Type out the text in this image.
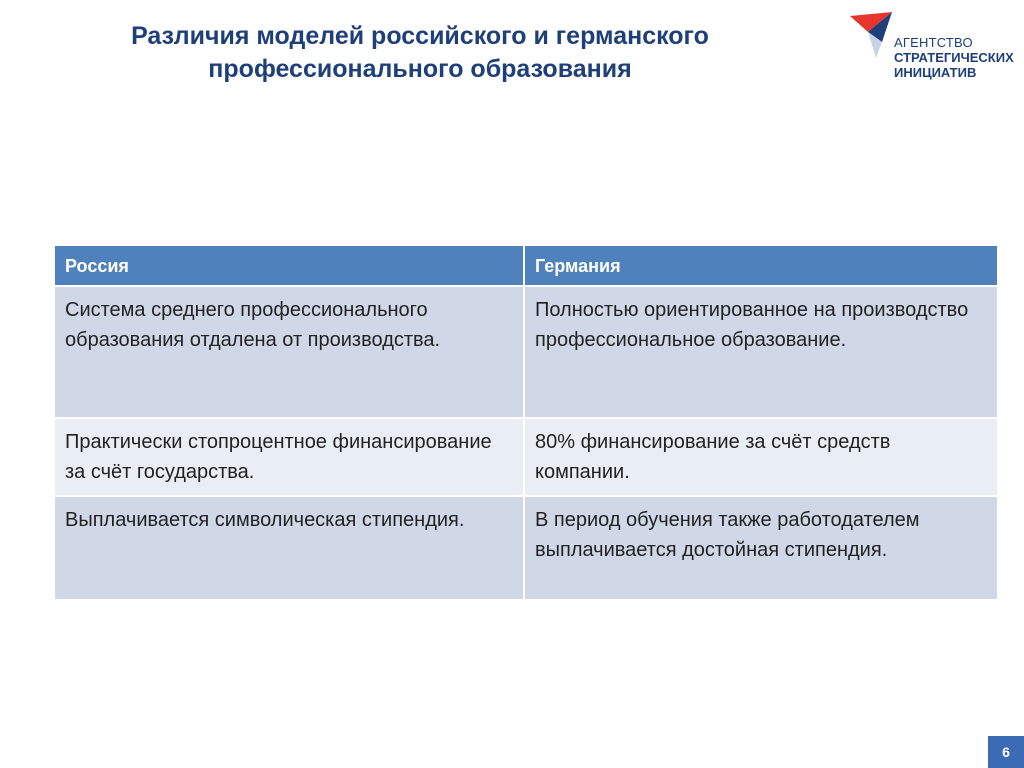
Различия моделей российского и германского
профессионального образования
АГЕНТСТВО
СТРАТЕГИЧЕСКИХ
ИНИЦИАТИВ
Россия	Германия
Система среднего профессионального образования отдалена от производства.	Полностью ориентированное на производство профессиональное образование.
Практически стопроцентное финансирование за счёт государства.	80% финансирование за счёт средств компании.
Выплачивается символическая стипендия.	В период обучения также работодателем выплачивается достойная стипендия.
6
